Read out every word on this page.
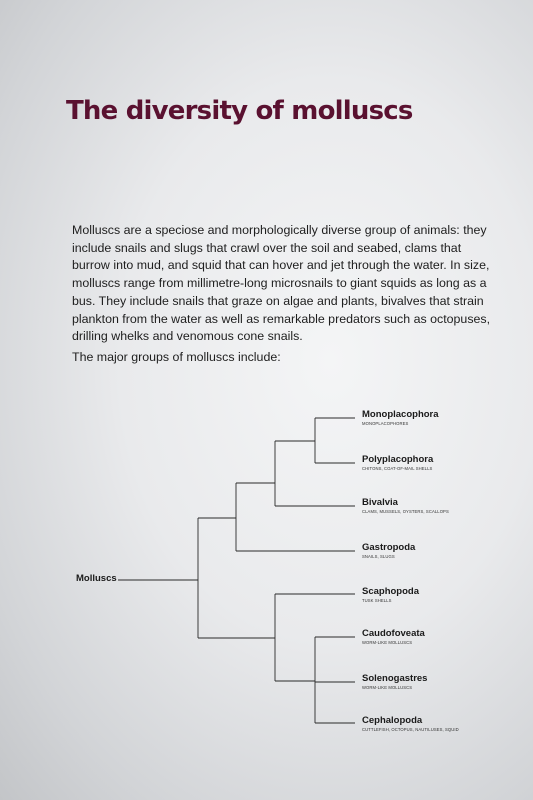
The diversity of molluscs

Molluscs are a speciose and morphologically diverse group of animals: they include snails and slugs that crawl over the soil and seabed, clams that burrow into mud, and squid that can hover and jet through the water. In size, molluscs range from millimetre-long microsnails to giant squids as long as a bus. They include snails that graze on algae and plants, bivalves that strain plankton from the water as well as remarkable predators such as octopuses, drilling whelks and venomous cone snails.

The major groups of molluscs include:

Molluscs
Monoplacophora
MONOPLACOPHORES
Polyplacophora
CHITONS, COAT-OF-MAIL SHELLS
Bivalvia
CLAMS, MUSSELS, OYSTERS, SCALLOPS
Gastropoda
SNAILS, SLUGS
Scaphopoda
TUSK SHELLS
Caudofoveata
WORM-LIKE MOLLUSCS
Solenogastres
WORM-LIKE MOLLUSCS
Cephalopoda
CUTTLEFISH, OCTOPUS, NAUTILUSES, SQUID
